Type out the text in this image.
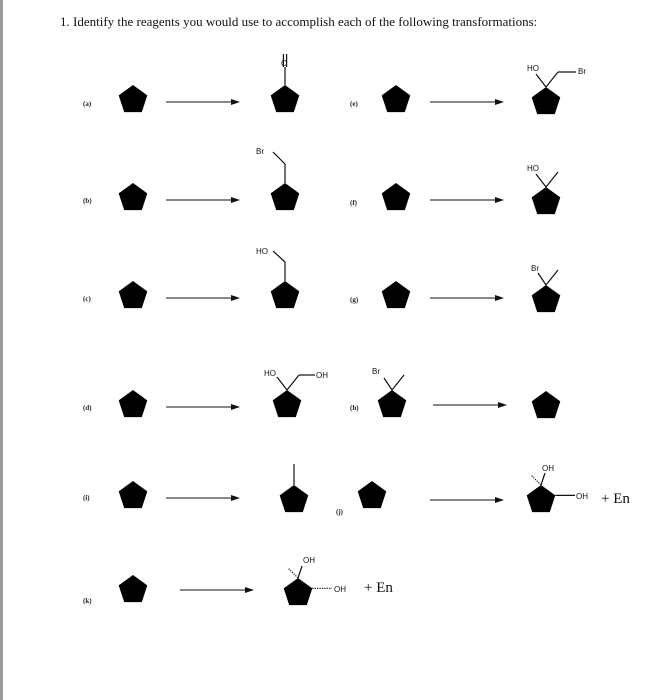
1. Identify the reagents you would use to accomplish each of the following transformations:
(a)
O
(e)
HO	Br
(b)
Br
(f)
HO
(c)
HO
(g)
Br
(d)
HO	OH
(h)
Br
(i)
(j)
OH
OH + En
(k)
OH
OH + En
